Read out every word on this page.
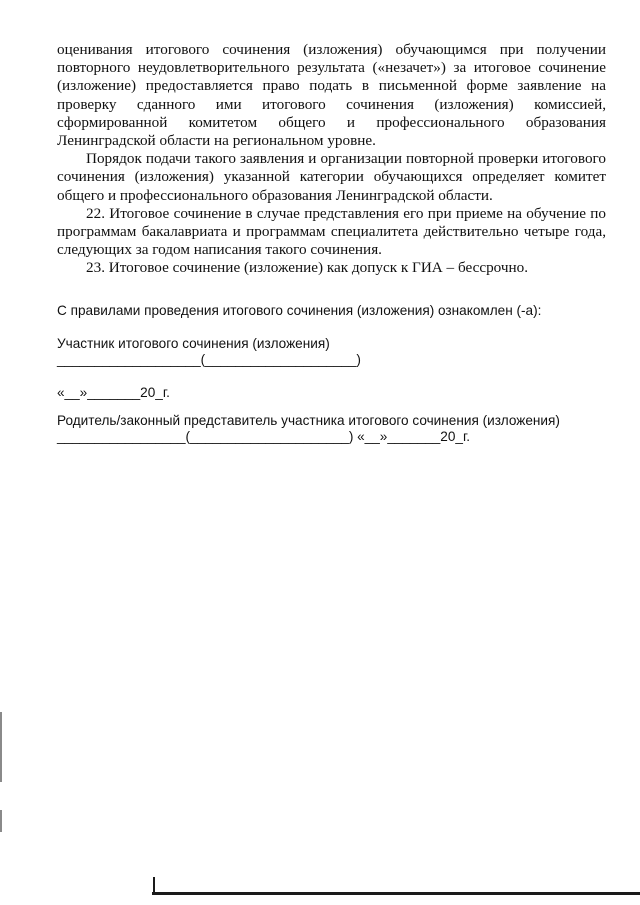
оценивания итогового сочинения (изложения) обучающимся при получении повторного неудовлетворительного результата («незачет») за итоговое сочинение (изложение) предоставляется право подать в письменной форме заявление на проверку сданного ими итогового сочинения (изложения) комиссией, сформированной комитетом общего и профессионального образования Ленинградской области на региональном уровне.

Порядок подачи такого заявления и организации повторной проверки итогового сочинения (изложения) указанной категории обучающихся определяет комитет общего и профессионального образования Ленинградской области.

22. Итоговое сочинение в случае представления его при приеме на обучение по программам бакалавриата и программам специалитета действительно четыре года, следующих за годом написания такого сочинения.

23. Итоговое сочинение (изложение) как допуск к ГИА – бессрочно.

С правилами проведения итогового сочинения (изложения) ознакомлен (-а):
Участник итогового сочинения (изложения)
___________________(____________________)
«__»_______20_г.
Родитель/законный представитель участника итогового сочинения (изложения)
_________________(_____________________) «__»_______20_г.
